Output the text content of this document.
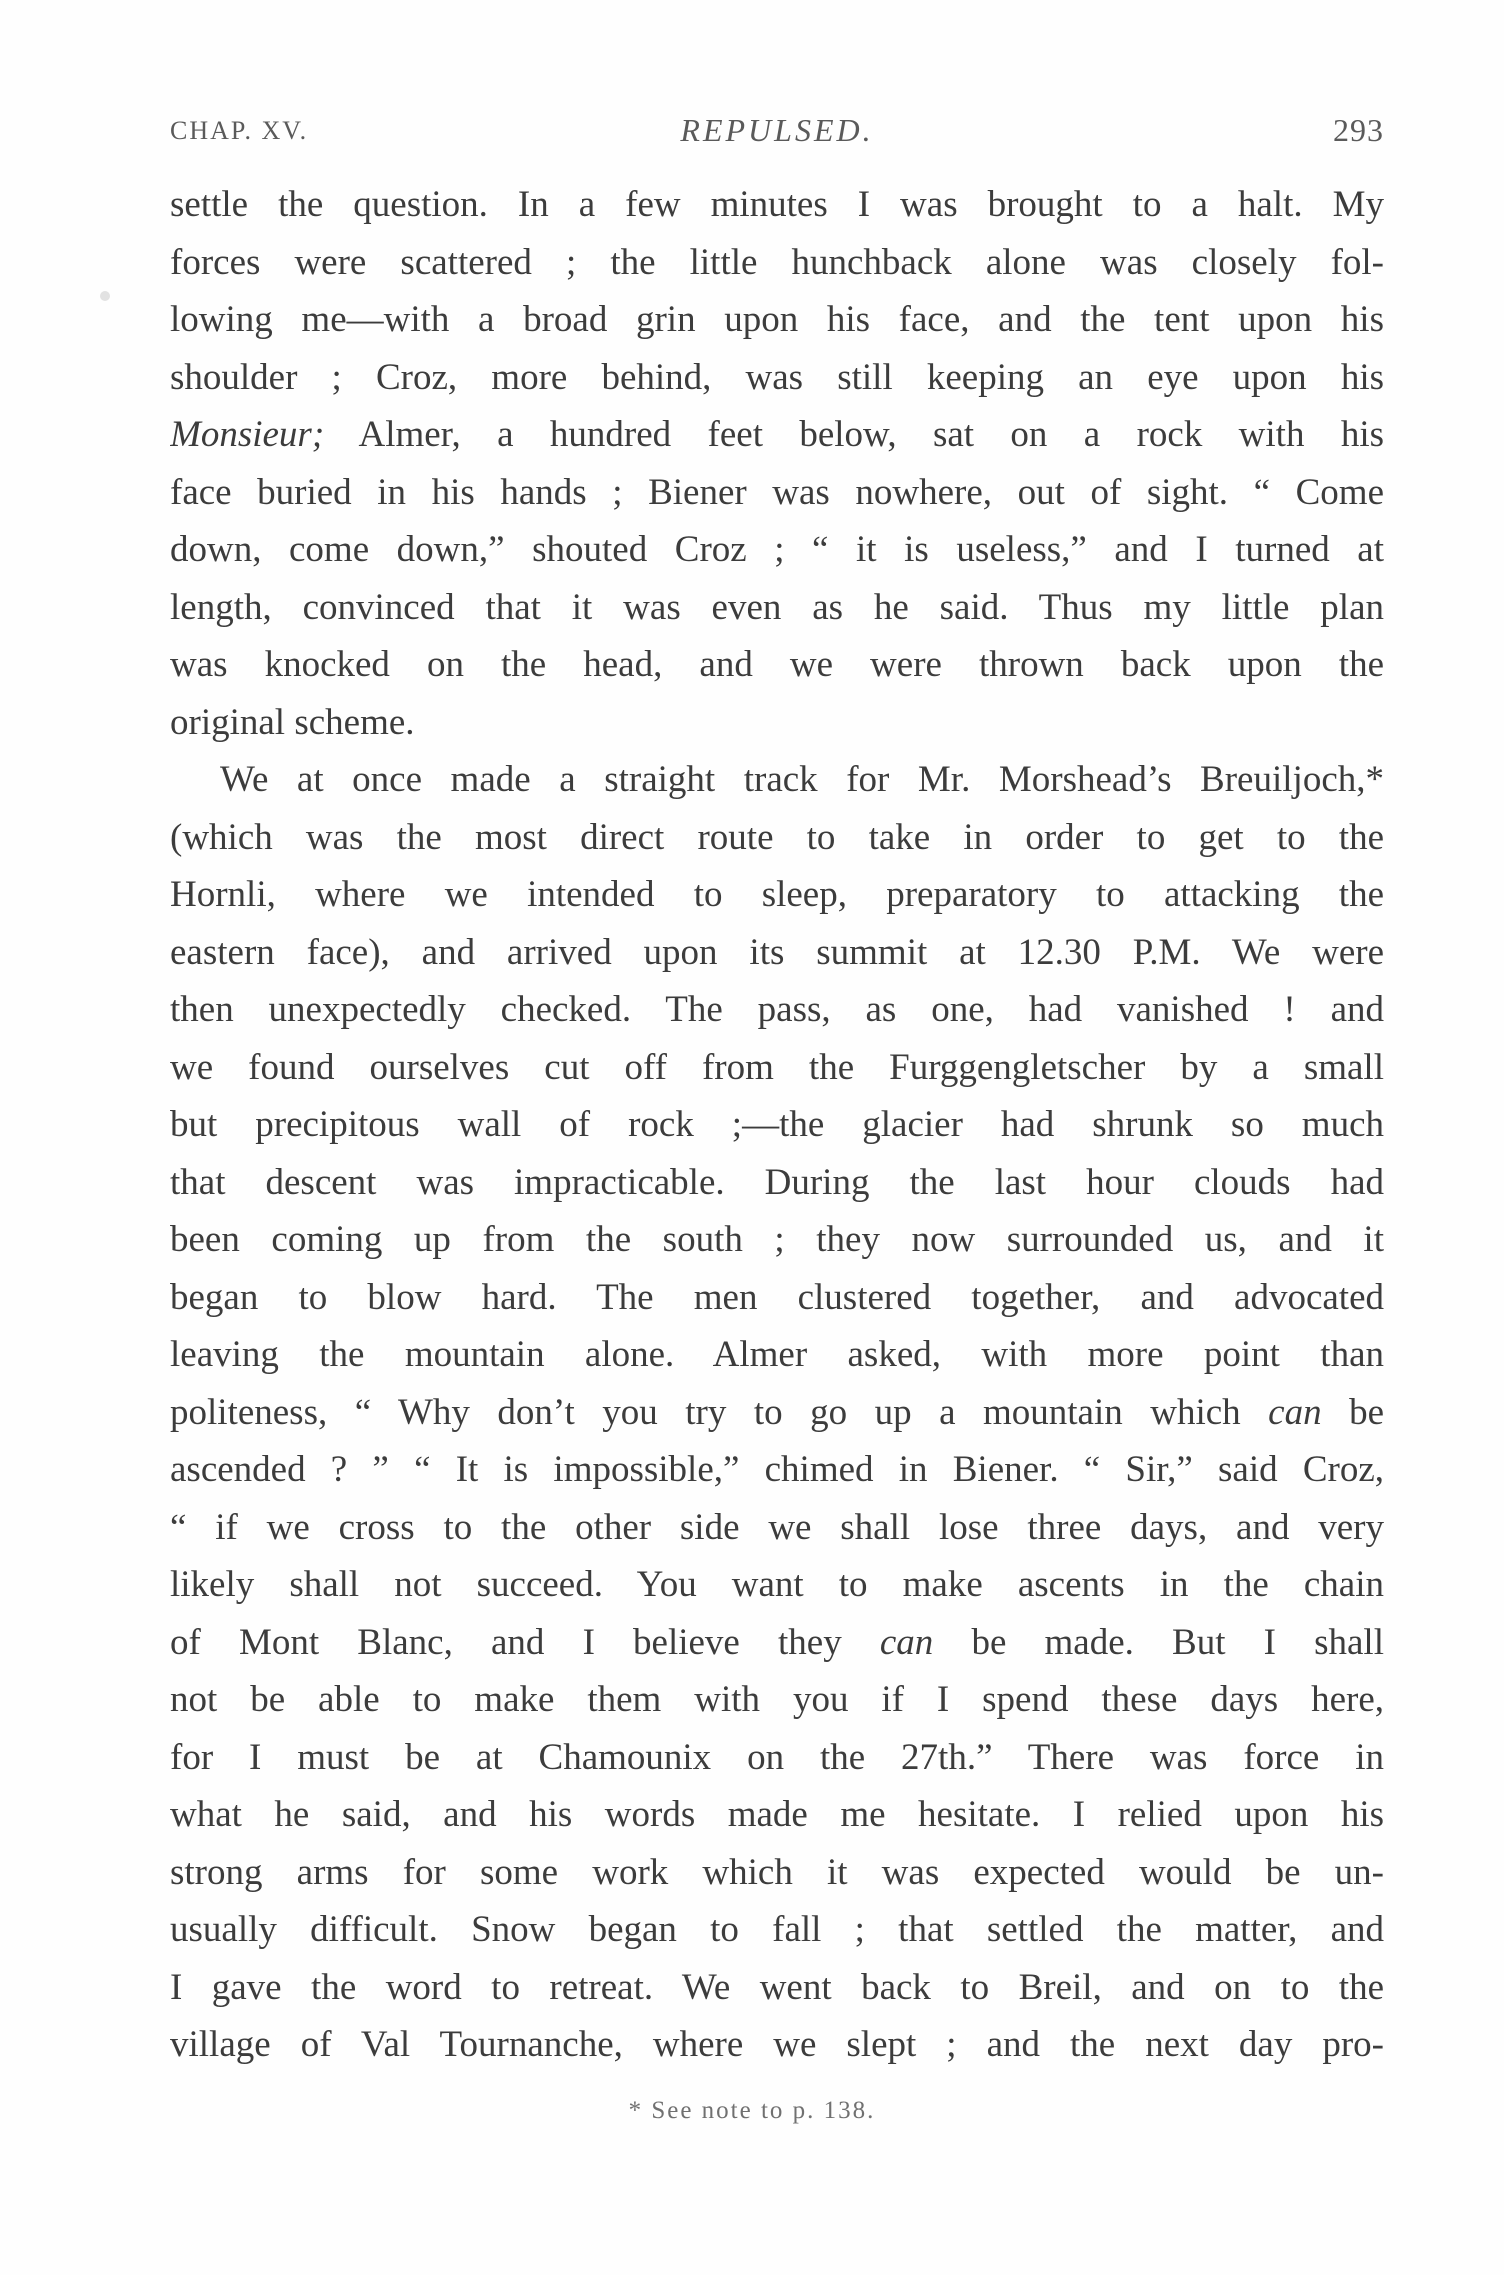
CHAP. XV.	REPULSED.	293
settle the question. In a few minutes I was brought to a halt. My
forces were scattered ; the little hunchback alone was closely fol-
lowing me—with a broad grin upon his face, and the tent upon his
shoulder ; Croz, more behind, was still keeping an eye upon his
Monsieur; Almer, a hundred feet below, sat on a rock with his
face buried in his hands ; Biener was nowhere, out of sight. “ Come
down, come down,” shouted Croz ; “ it is useless,” and I turned at
length, convinced that it was even as he said. Thus my little plan
was knocked on the head, and we were thrown back upon the
original scheme.
We at once made a straight track for Mr. Morshead’s Breuiljoch,*
(which was the most direct route to take in order to get to the
Hornli, where we intended to sleep, preparatory to attacking the
eastern face), and arrived upon its summit at 12.30 P.M. We were
then unexpectedly checked. The pass, as one, had vanished ! and
we found ourselves cut off from the Furggengletscher by a small
but precipitous wall of rock ;—the glacier had shrunk so much
that descent was impracticable. During the last hour clouds had
been coming up from the south ; they now surrounded us, and it
began to blow hard. The men clustered together, and advocated
leaving the mountain alone. Almer asked, with more point than
politeness, “ Why don’t you try to go up a mountain which can be
ascended ? ” “ It is impossible,” chimed in Biener. “ Sir,” said Croz,
“ if we cross to the other side we shall lose three days, and very
likely shall not succeed. You want to make ascents in the chain
of Mont Blanc, and I believe they can be made. But I shall
not be able to make them with you if I spend these days here,
for I must be at Chamounix on the 27th.” There was force in
what he said, and his words made me hesitate. I relied upon his
strong arms for some work which it was expected would be un-
usually difficult. Snow began to fall ; that settled the matter, and
I gave the word to retreat. We went back to Breil, and on to the
village of Val Tournanche, where we slept ; and the next day pro-
* See note to p. 138.
